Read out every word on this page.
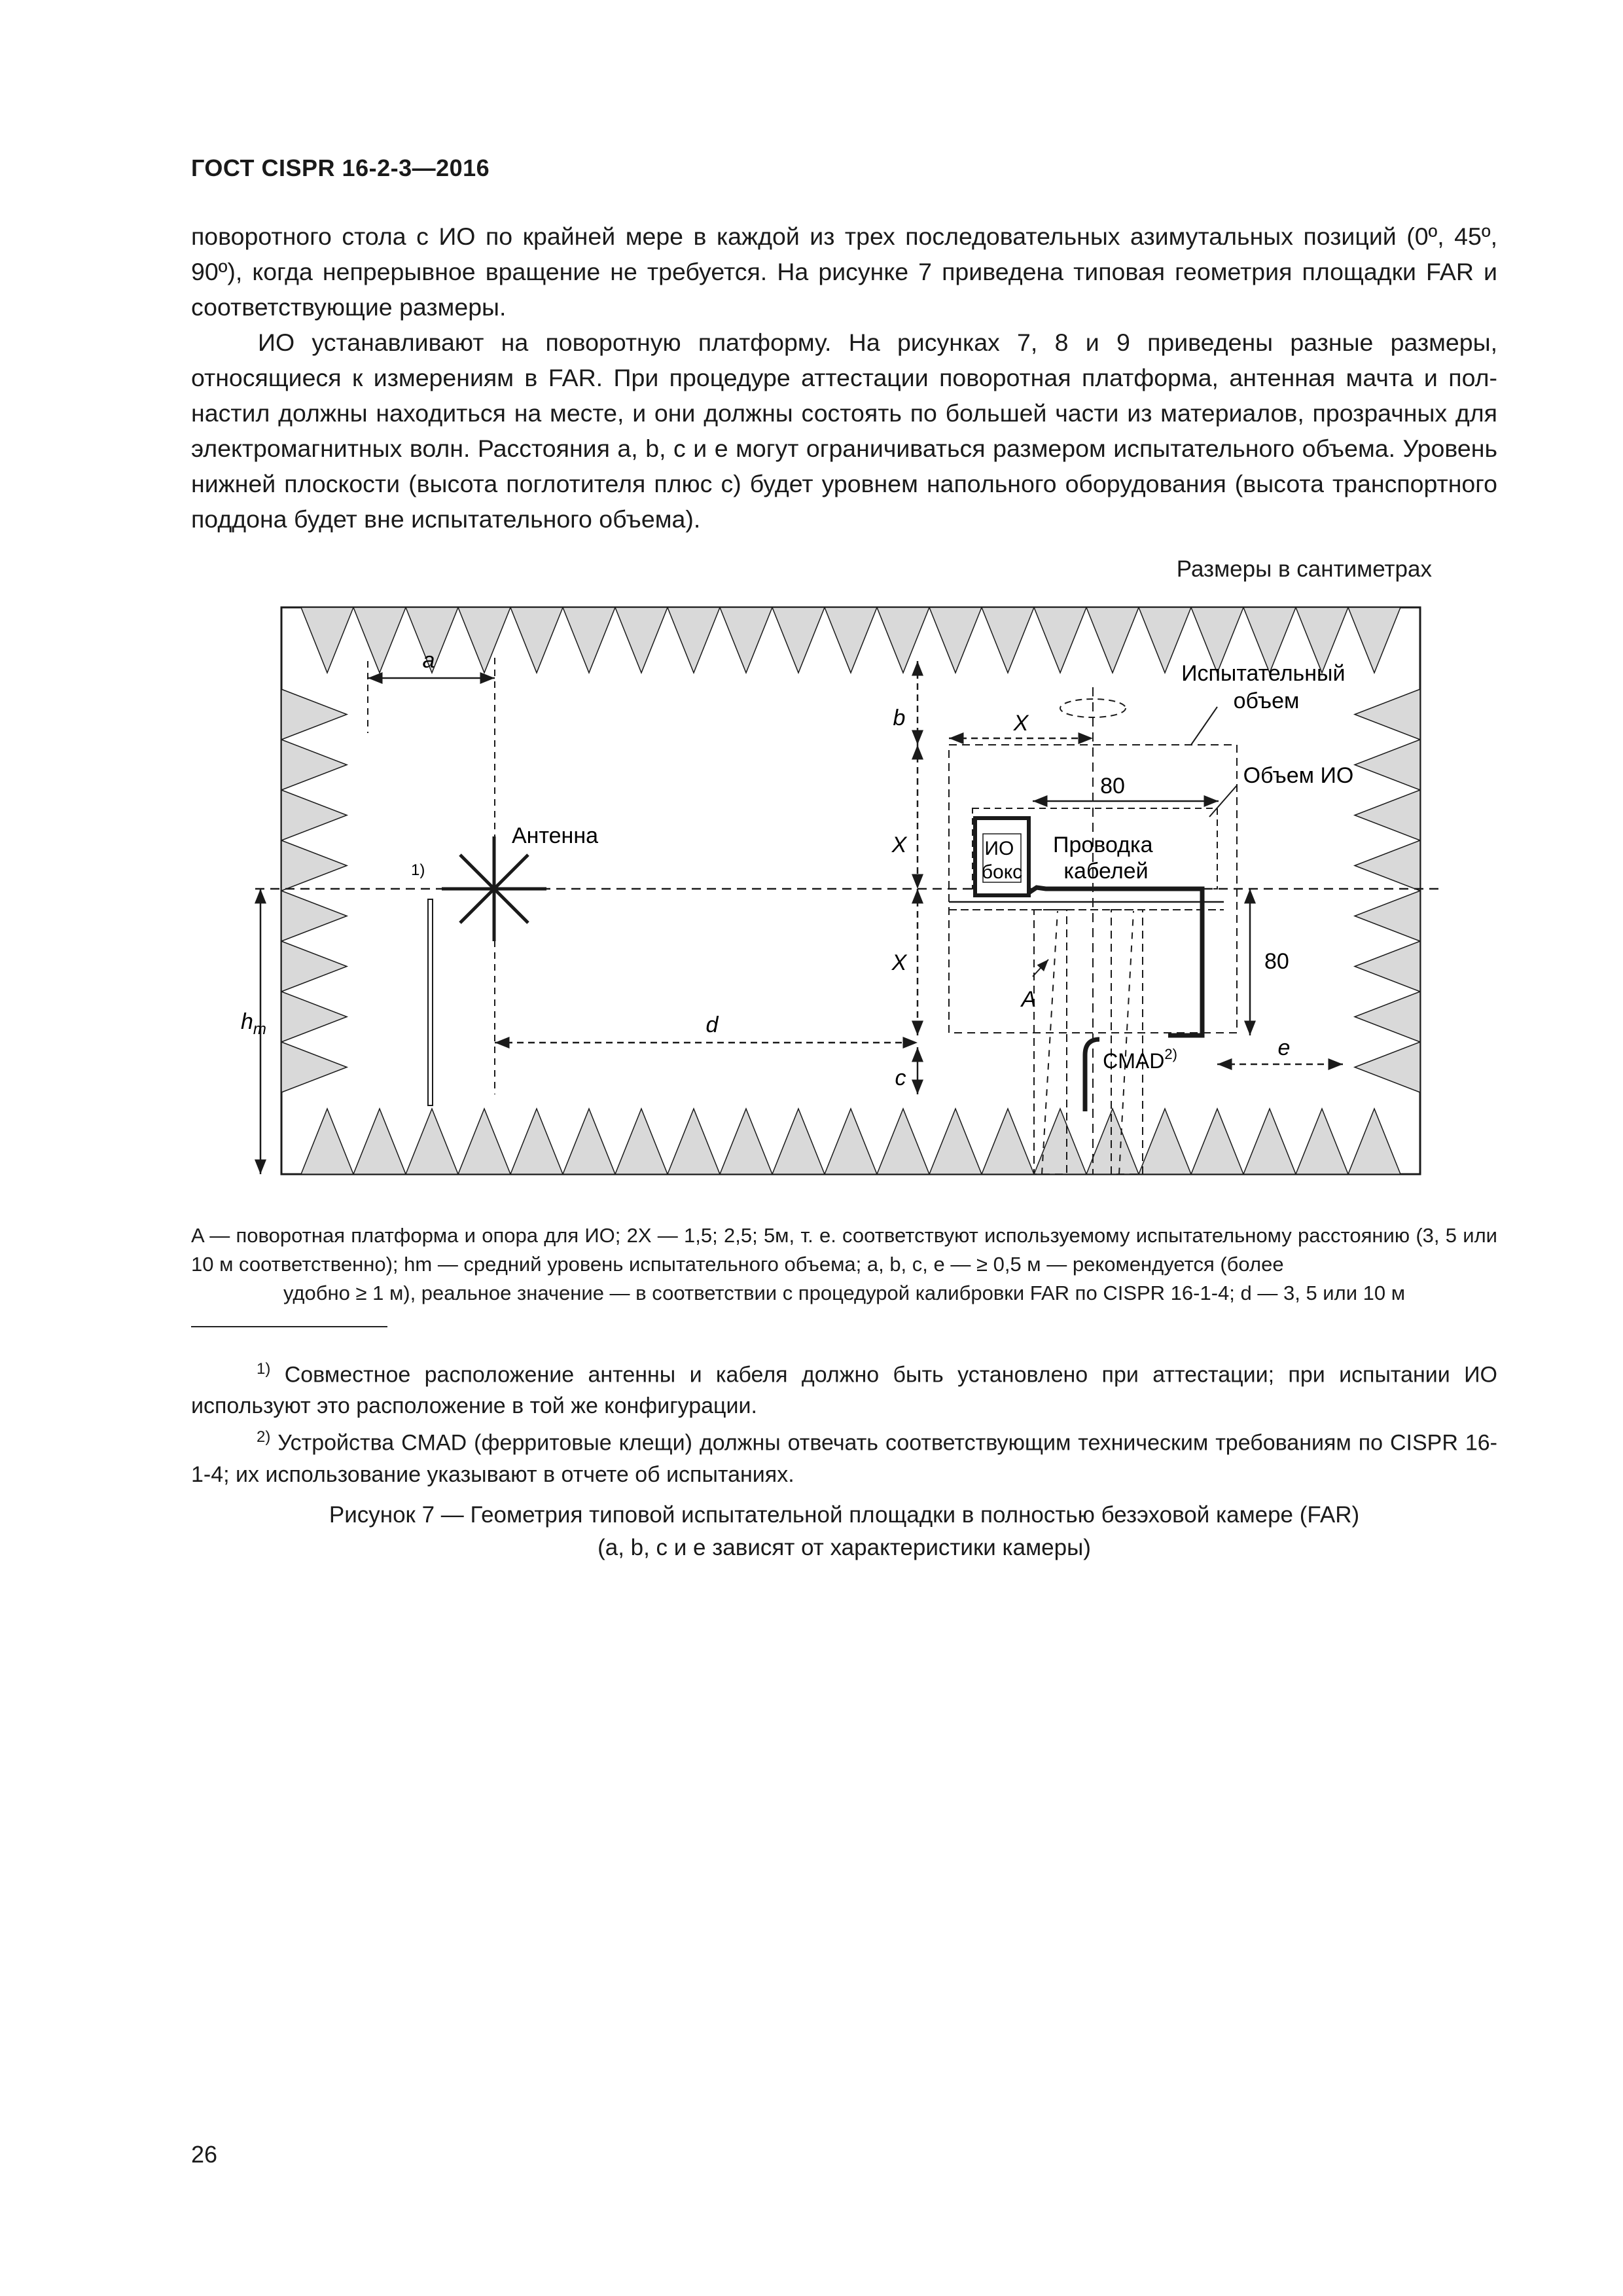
ГОСТ CISPR 16-2-3—2016

поворотного стола с ИО по крайней мере в каждой из трех последовательных азимутальных позиций (0º, 45º, 90º), когда непрерывное вращение не требуется. На рисунке 7 приведена типовая геометрия площадки FAR и соответствующие размеры.

ИО устанавливают на поворотную платформу. На рисунках 7, 8 и 9 приведены разные размеры, относящиеся к измерениям в FAR. При процедуре аттестации поворотная платформа, антенная мачта и пол-настил должны находиться на месте, и они должны состоять по большей части из материалов, прозрачных для электромагнитных волн. Расстояния a, b, c и e могут ограничиваться размером испытательного объема. Уровень нижней плоскости (высота поглотителя плюс c) будет уровнем напольного оборудования (высота транспортного поддона будет вне испытательного объема).

Размеры в сантиметрах
a
1)
Антенна
$h_m$	d
b
X
X
c
Испытательный объем
X
80	Объем ИО
ИО бокс
Проводка кабелей
A
CMAD$^{2)}$
80
e
A — поворотная платформа и опора для ИО; 2X — 1,5; 2,5; 5м, т. е. соответствуют используемому испытательному расстоянию (3, 5 или 10 м соответственно); hm — средний уровень испытательного объема; a, b, c, e — ≥ 0,5 м — рекомендуется (более
удобно ≥ 1 м), реальное значение — в соответствии с процедурой калибровки FAR по CISPR 16-1-4; d — 3, 5 или 10 м

$^{1)}$ Совместное расположение антенны и кабеля должно быть установлено при аттестации; при испытании ИО используют это расположение в той же конфигурации.

$^{2)}$ Устройства CMAD (ферритовые клещи) должны отвечать соответствующим техническим требованиям по CISPR 16-1-4; их использование указывают в отчете об испытаниях.

Рисунок 7 — Геометрия типовой испытательной площадки в полностью безэховой камере (FAR)
(a, b, c и e зависят от характеристики камеры)
26
